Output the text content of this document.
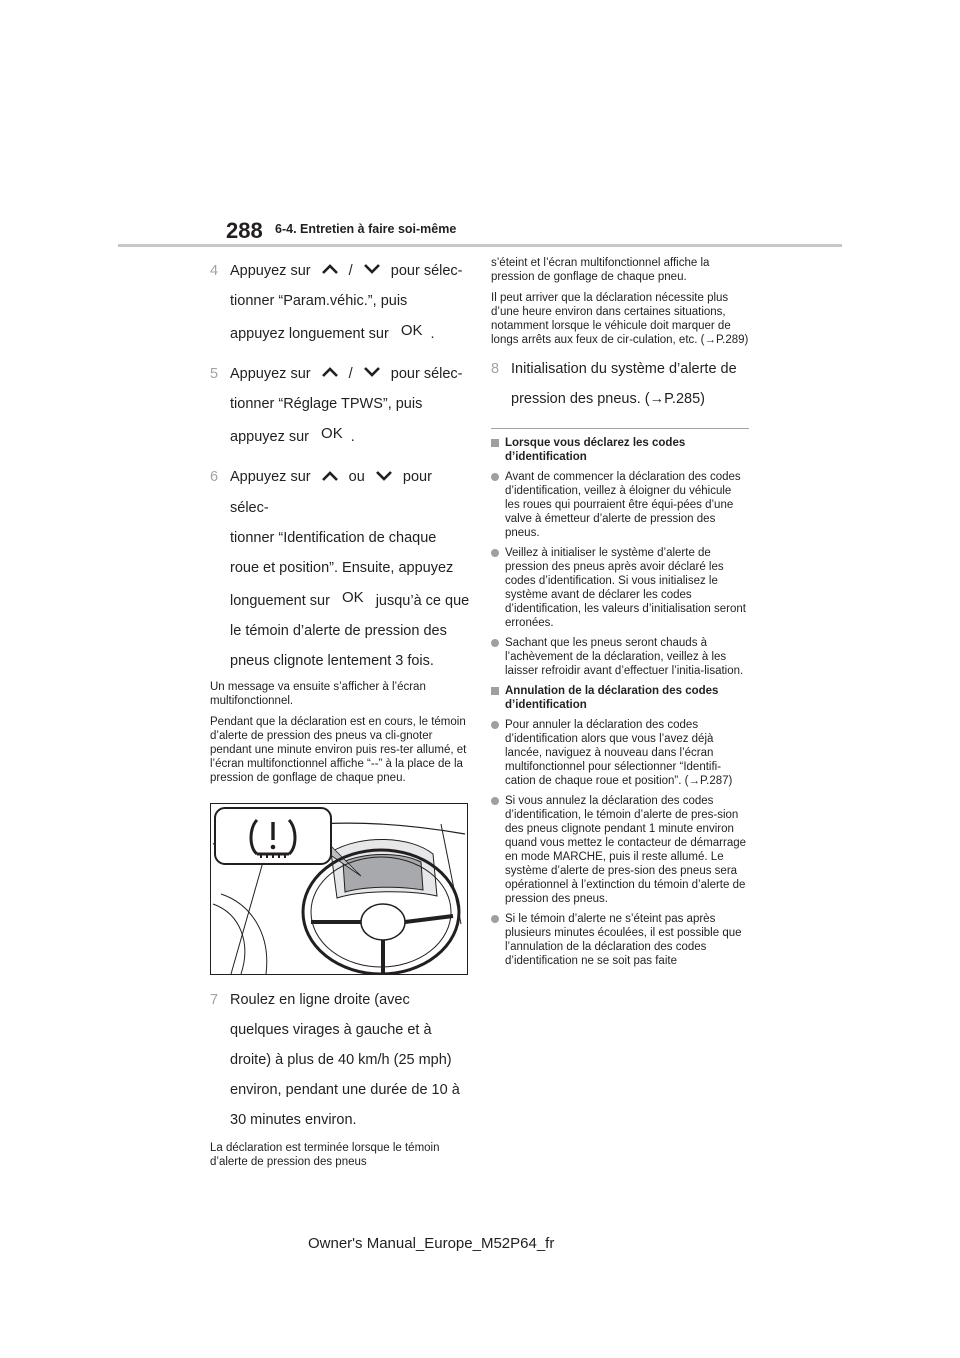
288 6-4. Entretien à faire soi-même
4 Appuyez sur	/	pour sélec-
tionner “Param.véhic.”, puis
appuyez longuement sur OK .
5 Appuyez sur	/	pour sélec-
tionner “Réglage TPWS”, puis
appuyez sur OK .
6 Appuyez sur	ou	pour sélec-
tionner “Identification de chaque
roue et position”. Ensuite, appuyez
longuement sur OK jusqu’à ce que
le témoin d’alerte de pression des
pneus clignote lentement 3 fois.

Un message va ensuite s’afficher à l’écran multifonctionnel.

Pendant que la déclaration est en cours, le témoin d’alerte de pression des pneus va cli-gnoter pendant une minute environ puis res-ter allumé, et l’écran multifonctionnel affiche “--” à la place de la pression de gonflage de chaque pneu.

7 Roulez en ligne droite (avec quelques virages à gauche et à droite) à plus de 40 km/h (25 mph) environ, pendant une durée de 10 à 30 minutes environ.

La déclaration est terminée lorsque le témoin d’alerte de pression des pneus

s’éteint et l’écran multifonctionnel affiche la pression de gonflage de chaque pneu.

Il peut arriver que la déclaration nécessite plus d’une heure environ dans certaines situations, notamment lorsque le véhicule doit marquer de longs arrêts aux feux de cir-culation, etc. (→P.289)

8 Initialisation du système d’alerte de pression des pneus. (→P.285)
Lorsque vous déclarez les codes d’identification
Avant de commencer la déclaration des codes d’identification, veillez à éloigner du véhicule les roues qui pourraient être équi-pées d’une valve à émetteur d’alerte de pression des pneus.
Veillez à initialiser le système d’alerte de pression des pneus après avoir déclaré les codes d’identification. Si vous initialisez le système avant de déclarer les codes d’identification, les valeurs d’initialisation seront erronées.
Sachant que les pneus seront chauds à l’achèvement de la déclaration, veillez à les laisser refroidir avant d’effectuer l’initia-lisation.
Annulation de la déclaration des codes d’identification
Pour annuler la déclaration des codes d’identification alors que vous l’avez déjà lancée, naviguez à nouveau dans l’écran multifonctionnel pour sélectionner “Identifi-cation de chaque roue et position”. (→P.287)
Si vous annulez la déclaration des codes d’identification, le témoin d’alerte de pres-sion des pneus clignote pendant 1 minute environ quand vous mettez le contacteur de démarrage en mode MARCHE, puis il reste allumé. Le système d’alerte de pres-sion des pneus sera opérationnel à l’extinction du témoin d’alerte de pression des pneus.
Si le témoin d’alerte ne s’éteint pas après plusieurs minutes écoulées, il est possible que l’annulation de la déclaration des codes d’identification ne se soit pas faite
Owner's Manual_Europe_M52P64_fr
